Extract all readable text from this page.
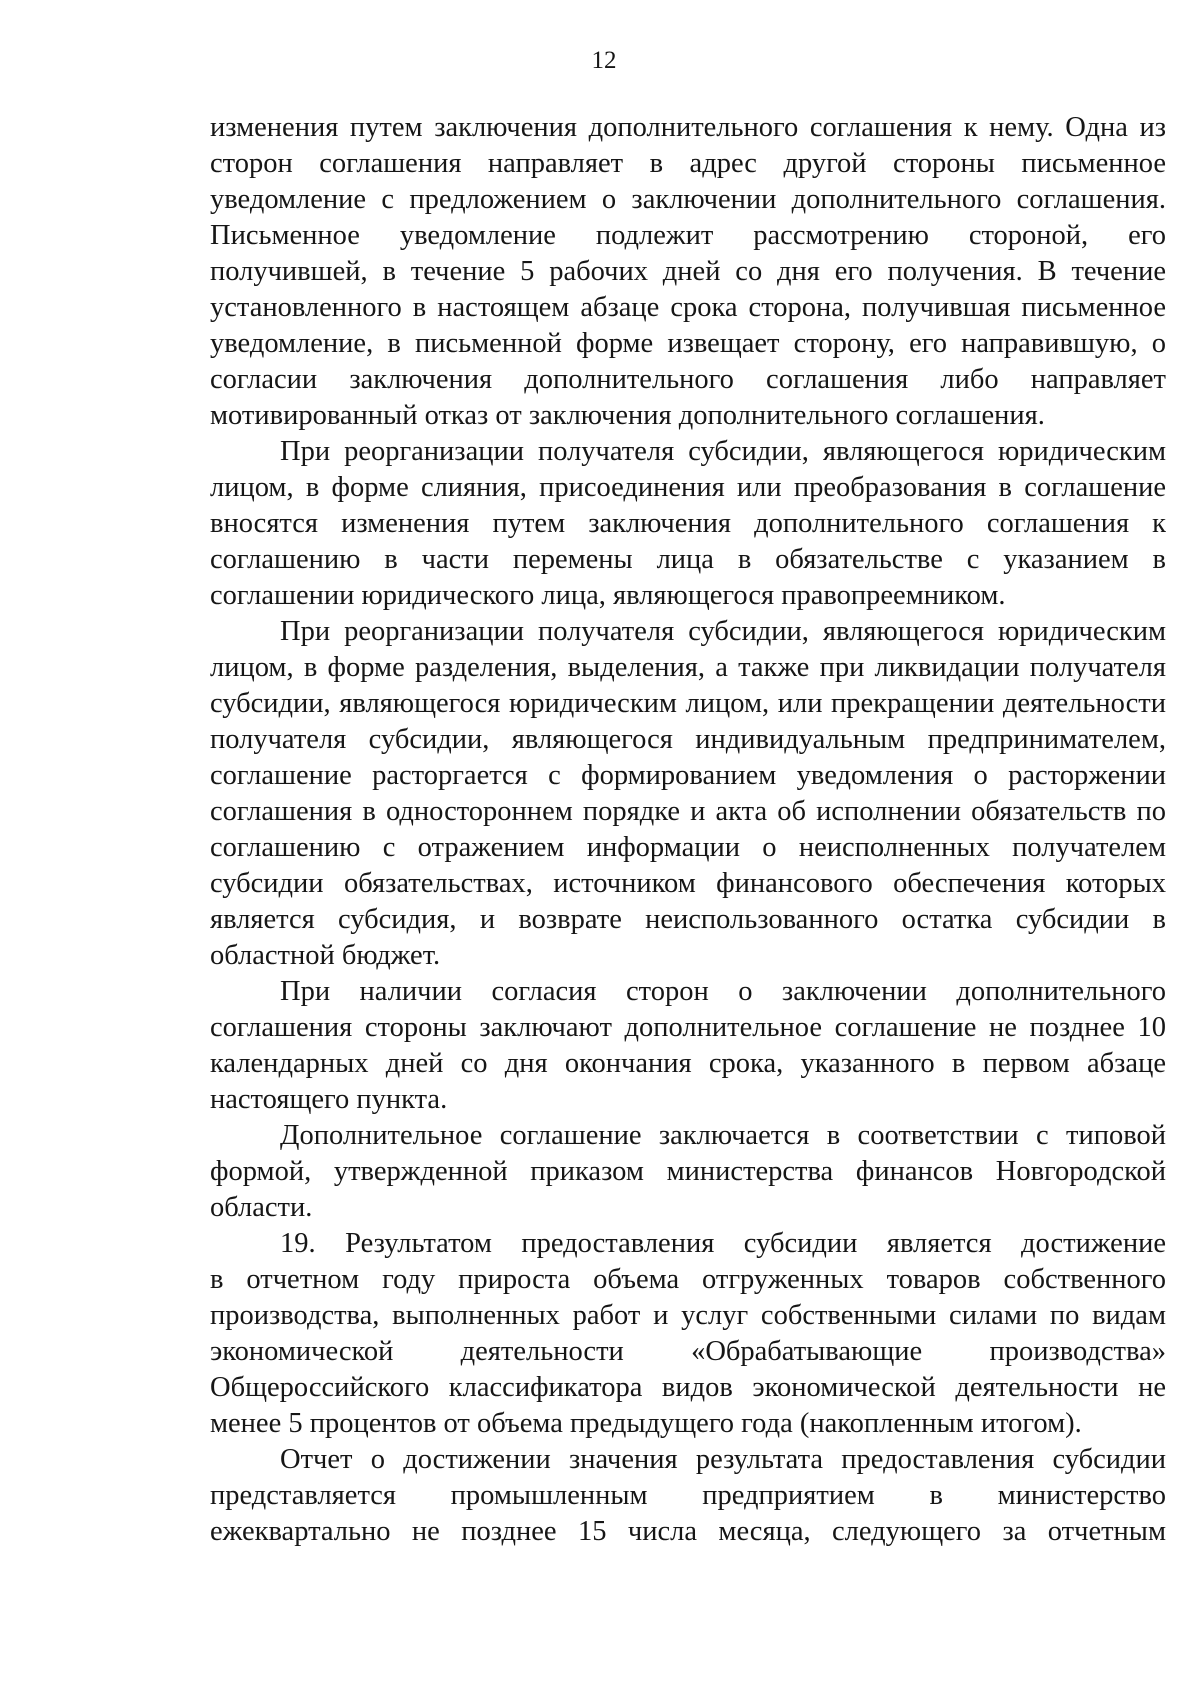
12

изменения путем заключения дополнительного соглашения к нему. Одна из
сторон соглашения направляет в адрес другой стороны письменное
уведомление с предложением о заключении дополнительного соглашения.
Письменное уведомление подлежит рассмотрению стороной, его
получившей, в течение 5 рабочих дней со дня его получения. В течение
установленного в настоящем абзаце срока сторона, получившая письменное
уведомление, в письменной форме извещает сторону, его направившую, о
согласии заключения дополнительного соглашения либо направляет
мотивированный отказ от заключения дополнительного соглашения.

При реорганизации получателя субсидии, являющегося юридическим
лицом, в форме слияния, присоединения или преобразования в соглашение
вносятся изменения путем заключения дополнительного соглашения к
соглашению в части перемены лица в обязательстве с указанием в
соглашении юридического лица, являющегося правопреемником.

При реорганизации получателя субсидии, являющегося юридическим
лицом, в форме разделения, выделения, а также при ликвидации получателя
субсидии, являющегося юридическим лицом, или прекращении деятельности
получателя субсидии, являющегося индивидуальным предпринимателем,
соглашение расторгается с формированием уведомления о расторжении
соглашения в одностороннем порядке и акта об исполнении обязательств по
соглашению с отражением информации о неисполненных получателем
субсидии обязательствах, источником финансового обеспечения которых
является субсидия, и возврате неиспользованного остатка субсидии в
областной бюджет.

При наличии согласия сторон о заключении дополнительного
соглашения стороны заключают дополнительное соглашение не позднее 10
календарных дней со дня окончания срока, указанного в первом абзаце
настоящего пункта.

Дополнительное соглашение заключается в соответствии с типовой
формой, утвержденной приказом министерства финансов Новгородской
области.

19. Результатом предоставления субсидии является достижение
в отчетном году прироста объема отгруженных товаров собственного
производства, выполненных работ и услуг собственными силами по видам
экономической деятельности «Обрабатывающие производства»
Общероссийского классификатора видов экономической деятельности не
менее 5 процентов от объема предыдущего года (накопленным итогом).

Отчет о достижении значения результата предоставления субсидии
представляется промышленным предприятием в министерство
ежеквартально не позднее 15 числа месяца, следующего за отчетным
